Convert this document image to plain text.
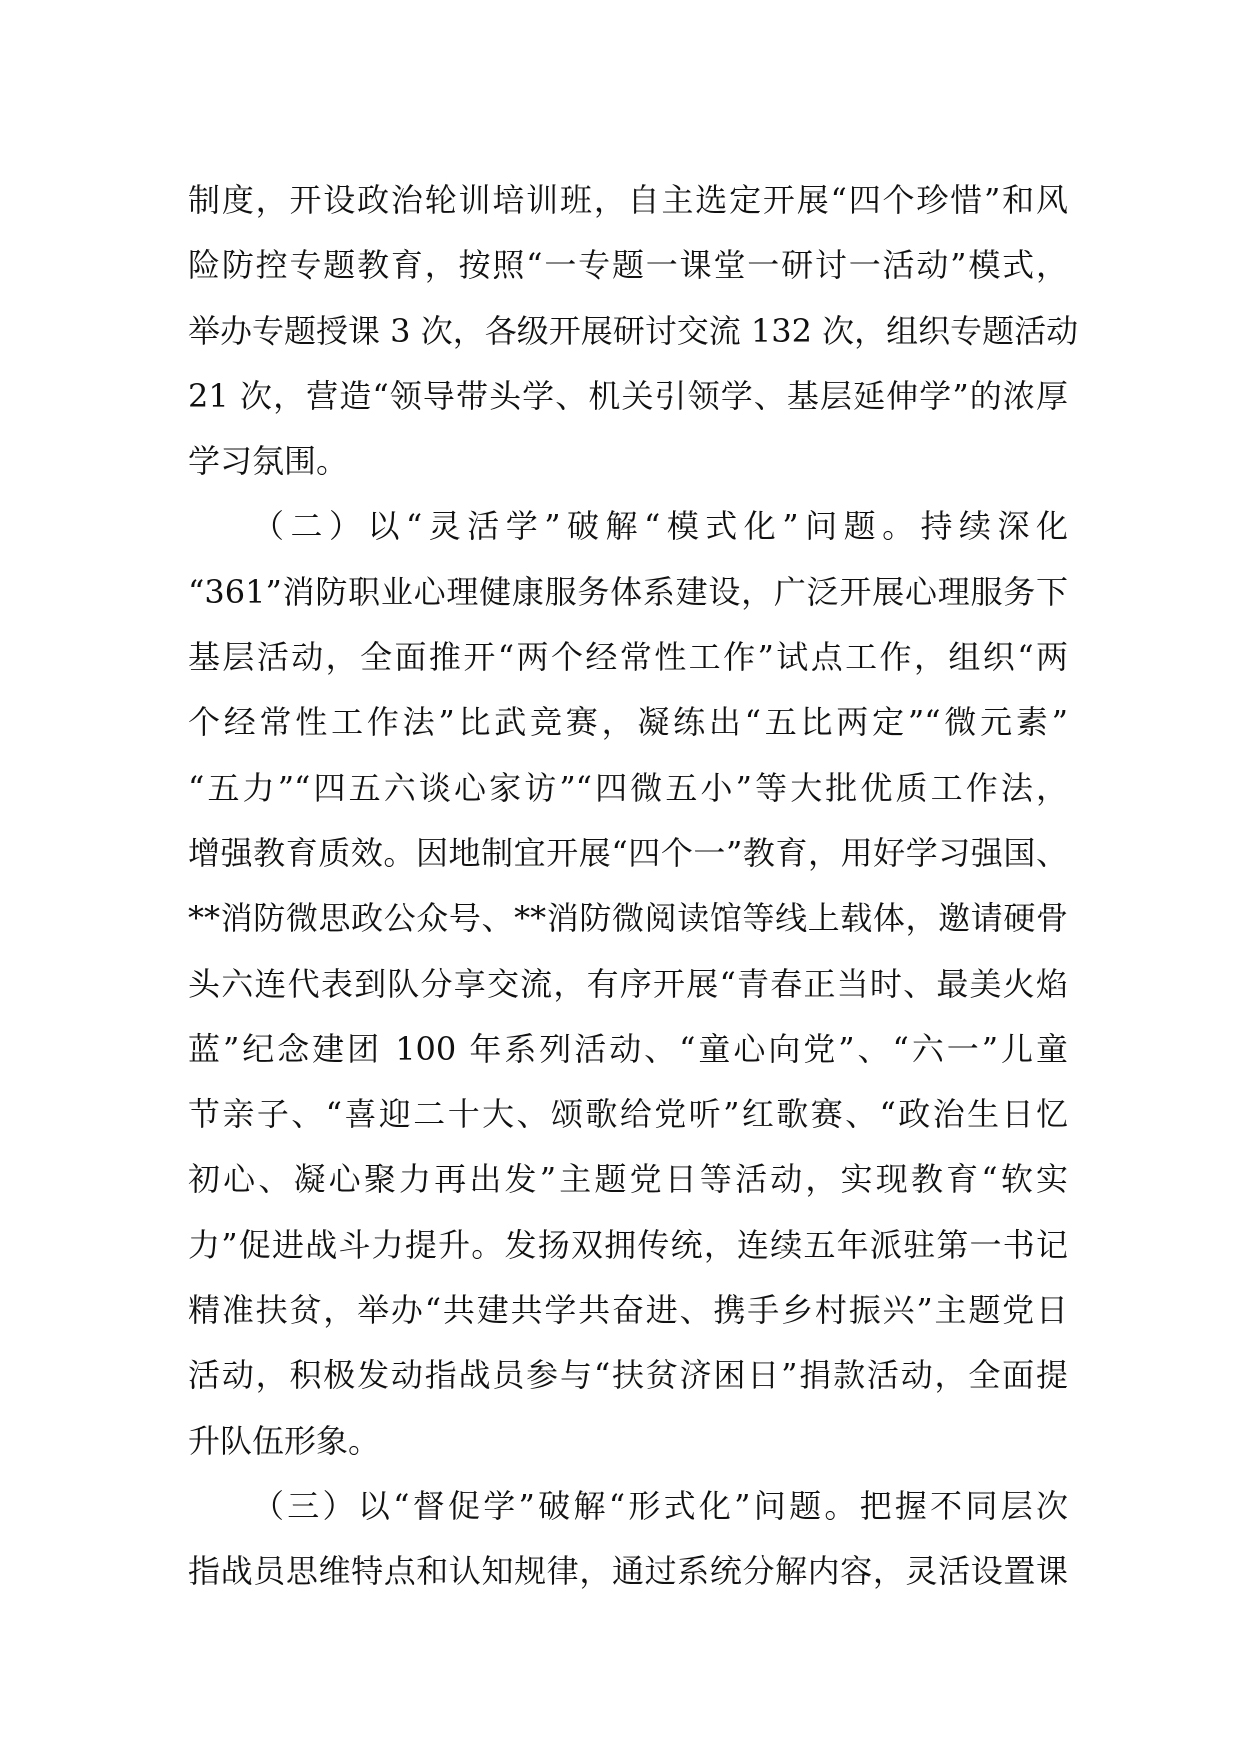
制度，开设政治轮训培训班，自主选定开展“四个珍惜”和风
险防控专题教育，按照“一专题一课堂一研讨一活动”模式，
举办专题授课 3 次，各级开展研讨交流 132 次，组织专题活动
21 次，营造“领导带头学、机关引领学、基层延伸学”的浓厚
学习氛围。
（二）以“灵活学”破解“模式化”问题。持续深化
“361”消防职业心理健康服务体系建设，广泛开展心理服务下
基层活动，全面推开“两个经常性工作”试点工作，组织“两
个经常性工作法”比武竞赛，凝练出“五比两定”“微元素”
“五力”“四五六谈心家访”“四微五小”等大批优质工作法，
增强教育质效。因地制宜开展“四个一”教育，用好学习强国、
**消防微思政公众号、**消防微阅读馆等线上载体，邀请硬骨
头六连代表到队分享交流，有序开展“青春正当时、最美火焰
蓝”纪念建团 100 年系列活动、“童心向党”、“六一”儿童
节亲子、“喜迎二十大、颂歌给党听”红歌赛、“政治生日忆
初心、凝心聚力再出发”主题党日等活动，实现教育“软实
力”促进战斗力提升。发扬双拥传统，连续五年派驻第一书记
精准扶贫，举办“共建共学共奋进、携手乡村振兴”主题党日
活动，积极发动指战员参与“扶贫济困日”捐款活动，全面提
升队伍形象。
（三）以“督促学”破解“形式化”问题。把握不同层次
指战员思维特点和认知规律，通过系统分解内容，灵活设置课
